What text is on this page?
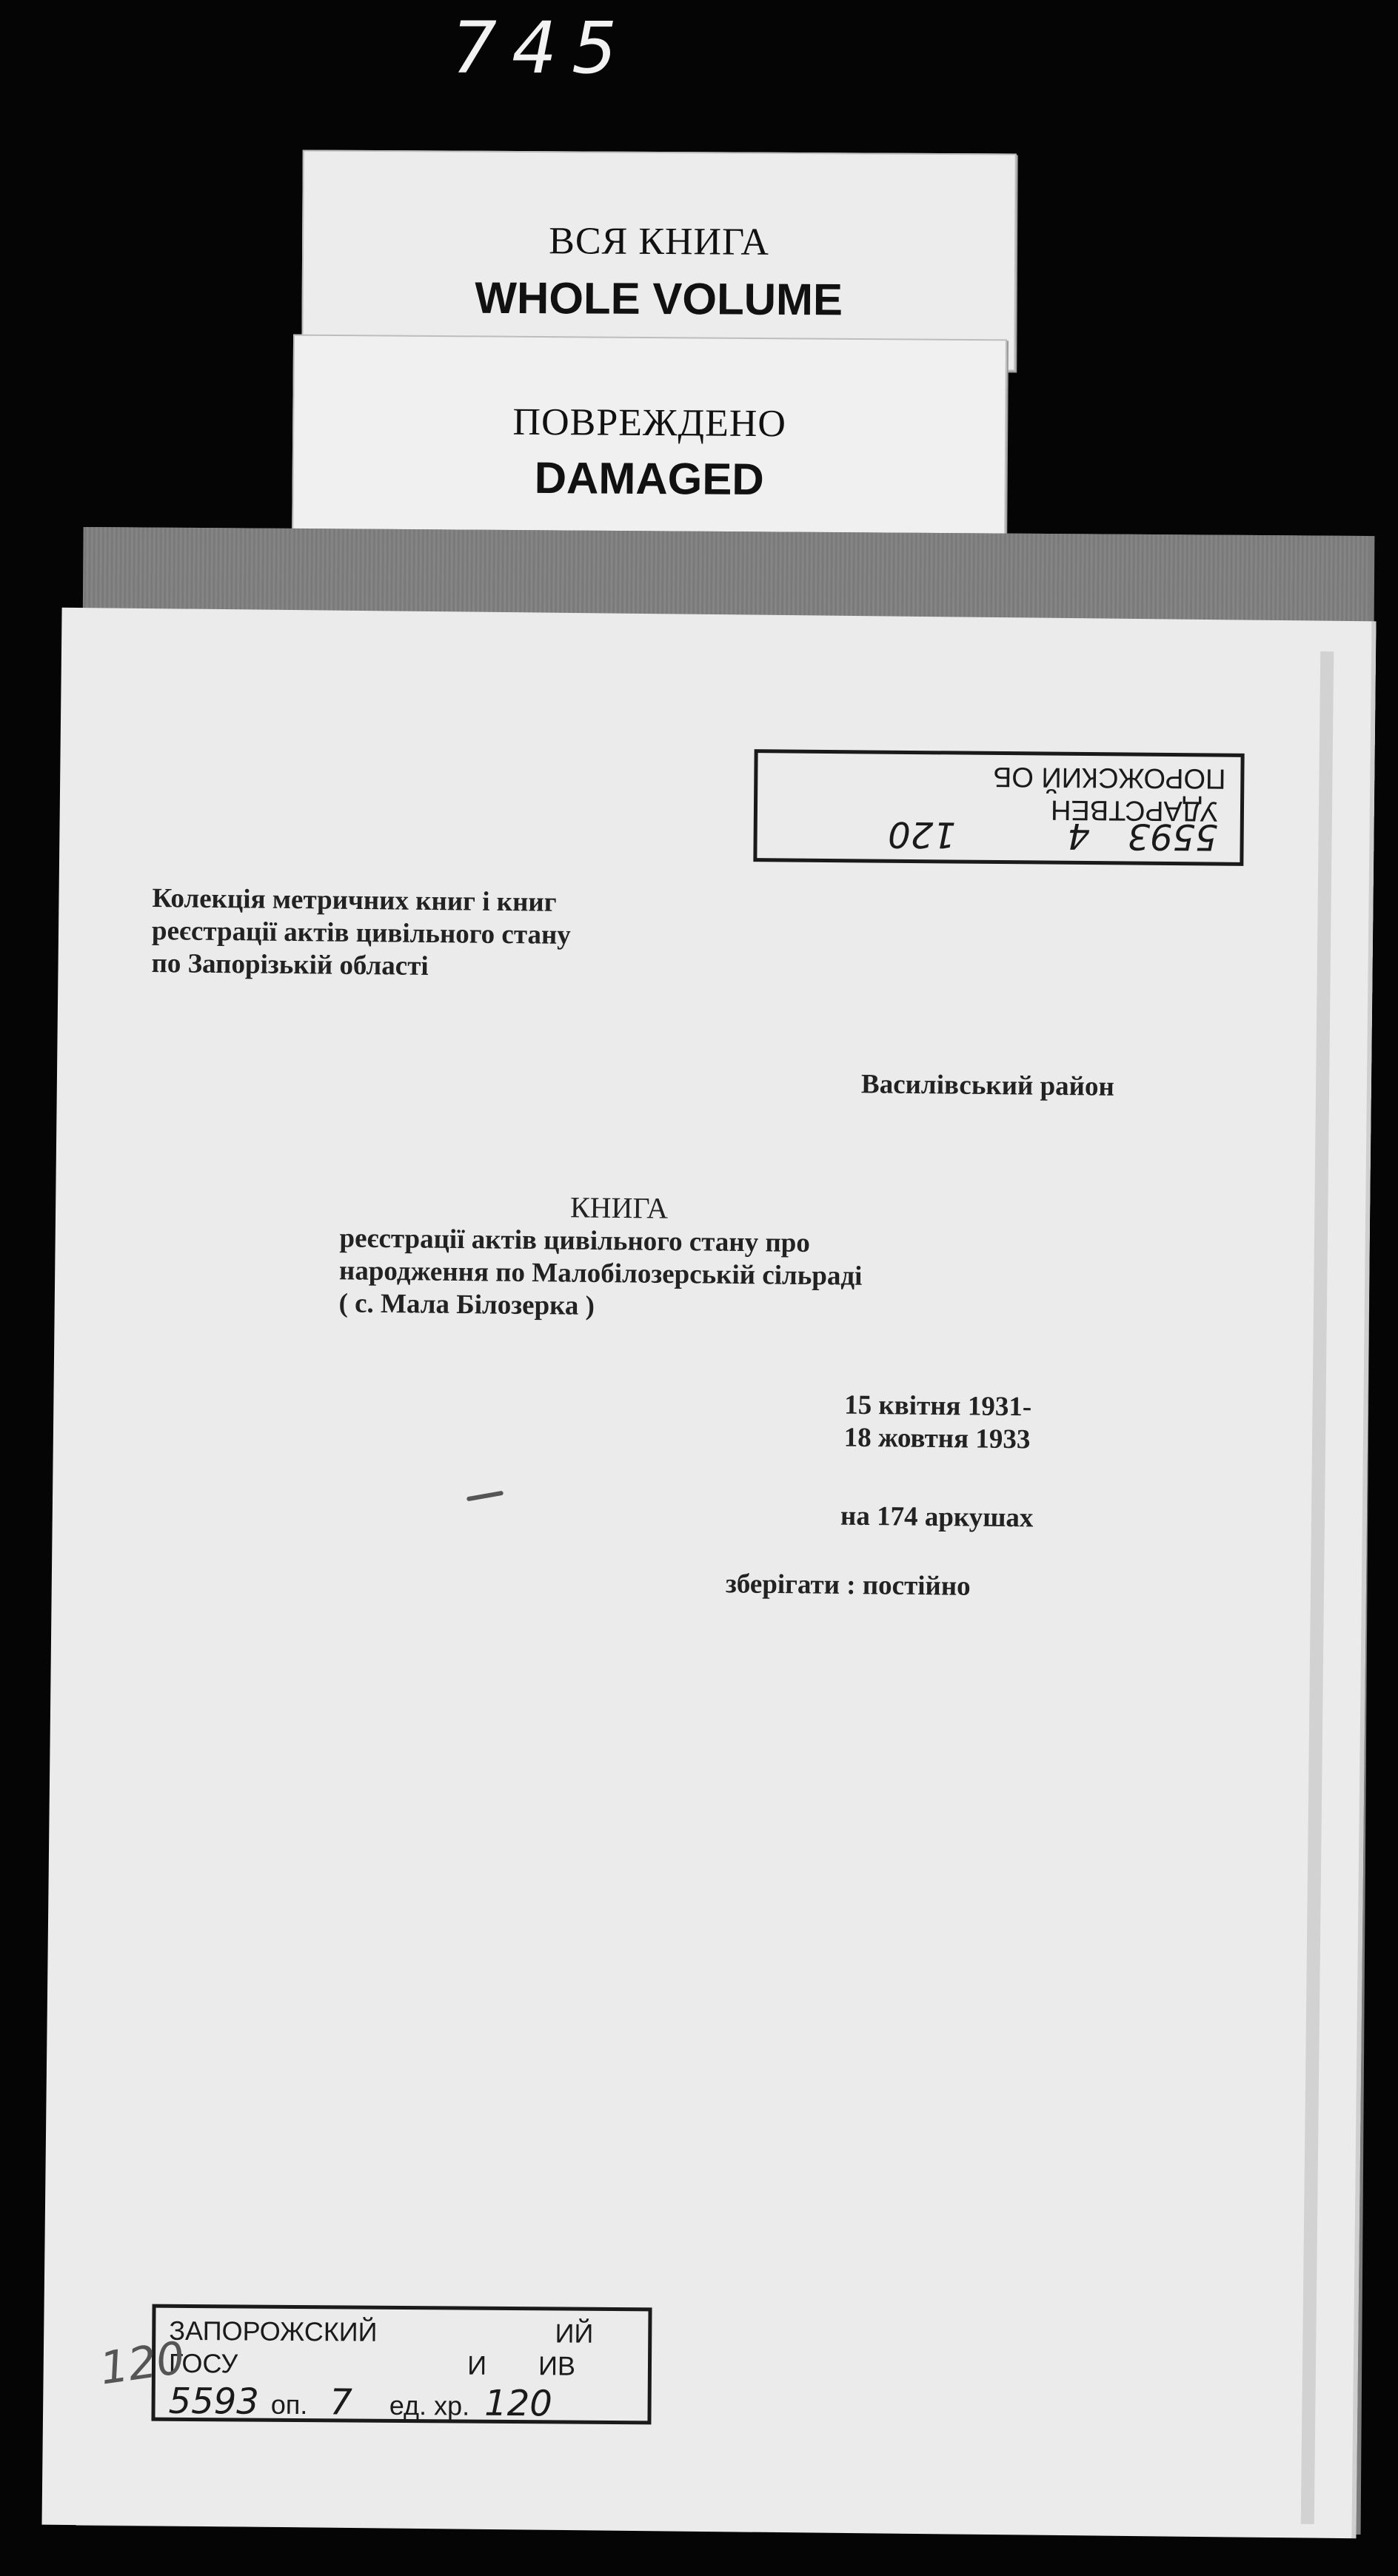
745
ВСЯ КНИГА
WHOLE VOLUME
ПОВРЕЖДЕНО
DAMAGED
ПОРОЖСКИЙ ОБ
УДАРСТВЕН
5593 4 120
Колекція метричних книг і книг
реєстрації актів цивільного стану
по Запорізькій області
Василівський район
КНИГА
реєстрації актів цивільного стану про
народження по Малобілозерській сільраді
( с. Мала Білозерка )
15 квітня 1931-
18 жовтня 1933
на 174 аркушах
зберігати : постійно
ЗАПОРОЖСКИЙ	ИЙ
ГОСУ	И ИВ
5593 оп. 7 ед. хр. 120
120
